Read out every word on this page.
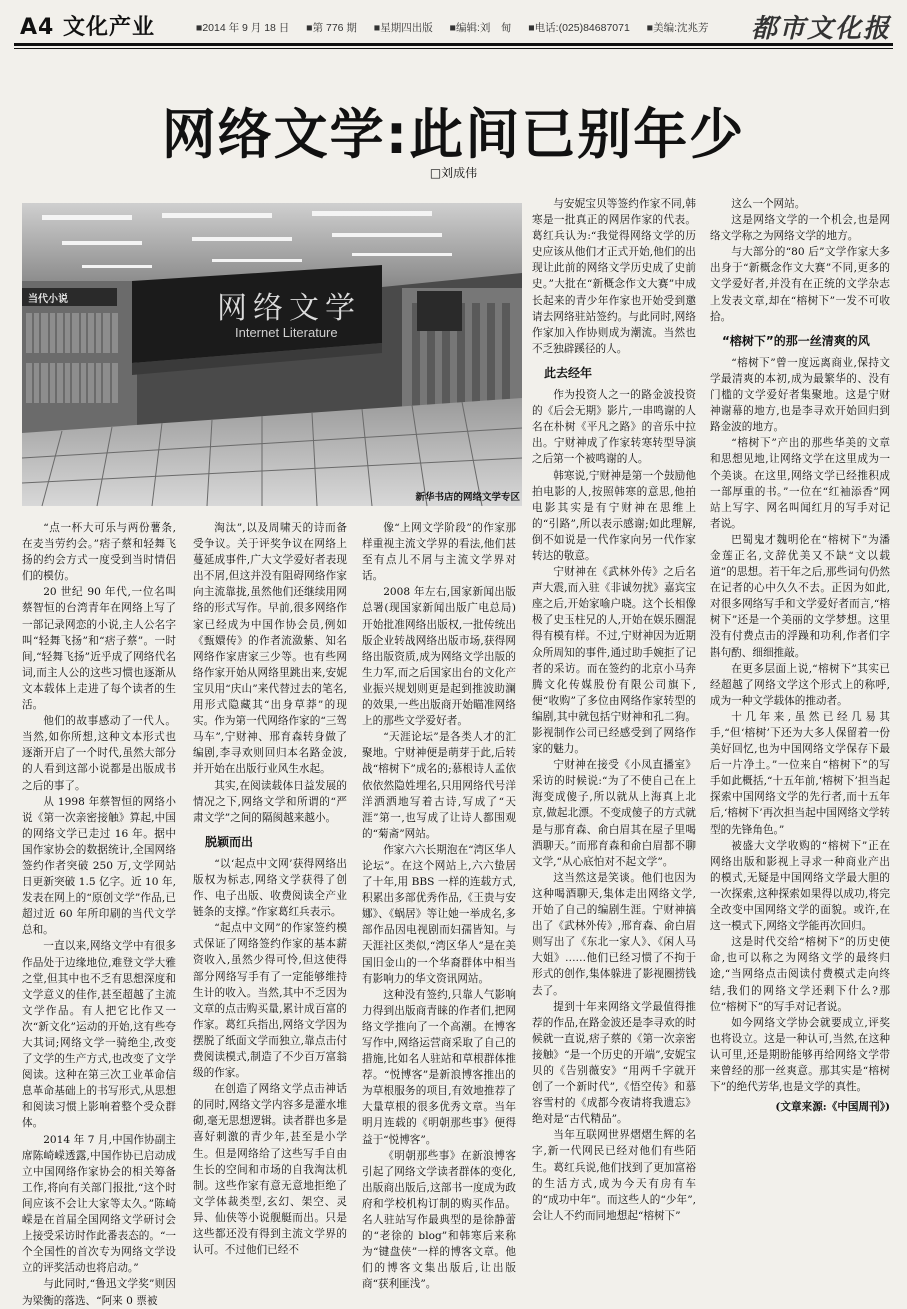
A4 文化产业	■2014 年 9 月 18 日 ■第 776 期 ■星期四出版 ■编辑:刘　甸 ■电话:(025)84687071 ■美编:沈兆芳	都市文化报
网络文学:此间已别年少
□刘成伟
当代小说	网络文学
Internet Literature
新华书店的网络文学专区

“点一杯大可乐与两份薯条,在麦当劳约会。”痞子蔡和轻舞飞扬的约会方式一度受到当时情侣们的模仿。

20 世纪 90 年代,一位名叫蔡智恒的台湾青年在网络上写了一部记录网恋的小说,主人公名字叫“轻舞飞扬”和“痞子蔡”。一时间,“轻舞飞扬”近乎成了网络代名词,而主人公的这些习惯也逐渐从文本载体上走进了每个读者的生活。

他们的故事感动了一代人。当然,如你所想,这种文本形式也逐渐开启了一个时代,虽然大部分的人看到这部小说都是出版成书之后的事了。

从 1998 年蔡智恒的网络小说《第一次亲密接触》算起,中国的网络文学已走过 16 年。据中国作家协会的数据统计,全国网络签约作者突破 250 万,文学网站日更新突破 1.5 亿字。近 10 年,发表在网上的“原创文学”作品,已超过近 60 年所印刷的当代文学总和。

一直以来,网络文学中有很多作品处于边缘地位,难登文学大雅之堂,但其中也不乏有思想深度和文学意义的佳作,甚至超越了主流文学作品。有人把它比作又一次“新文化”运动的开始,这有些夸大其词;网络文学一骑绝尘,改变了文学的生产方式,也改变了文学阅读。这种在第三次工业革命信息革命基础上的书写形式,从思想和阅读习惯上影响着整个受众群体。

2014 年 7 月,中国作协副主席陈崎嵘透露,中国作协已启动成立中国网络作家协会的相关筹备工作,将向有关部门报批,“这个时间应该不会让大家等太久。”陈崎嵘是在首届全国网络文学研讨会上接受采访时作此番表态的。“一个全国性的首次专为网络文学设立的评奖活动也将启动。”

与此同时,“鲁迅文学奖”则因为梁衡的落选、“阿来 0 票被

淘汰”,以及周啸天的诗而备受争议。关于评奖争议在网络上蔓延成事件,广大文学爱好者表现出不屑,但这并没有阻碍网络作家向主流靠拢,虽然他们还继续用网络的形式写作。早前,很多网络作家已经成为中国作协会员,例如《甄嬛传》的作者流潋紫、知名网络作家唐家三少等。也有些网络作家开始从网络里跳出来,安妮宝贝用“庆山”来代替过去的笔名,用形式隐藏其“出身草莽”的现实。作为第一代网络作家的“三驾马车”,宁财神、邢育森转身做了编剧,李寻欢则回归本名路金波,并开始在出版行业风生水起。

其实,在阅读载体日益发展的情况之下,网络文学和所谓的“严肃文学”之间的隔阂越来越小。

脱颖而出

“以‘起点中文网’获得网络出版权为标志,网络文学获得了创作、电子出版、收费阅读全产业链条的支撑。”作家葛红兵表示。

“起点中文网”的作家签约模式保证了网络签约作家的基本薪资收入,虽然少得可怜,但这使得部分网络写手有了一定能够维持生计的收入。当然,其中不乏因为文章的点击购买量,累计成百富的作家。葛红兵指出,网络文学因为摆脱了纸面文学而独立,靠点击付费阅读模式,制造了不少百万富翁级的作家。

在创造了网络文学点击神话的同时,网络文学内容多是灌水堆砌,毫无思想逻辑。读者群也多是喜好刺激的青少年,甚至是小学生。但是网络给了这些写手自由生长的空间和市场的自我淘汰机制。这些作家有意无意地拒绝了文学体裁类型,玄幻、架空、灵异、仙侠等小说舰艇而出。只是这些都还没有得到主流文学界的认可。不过他们已经不

像“上网文学阶段”的作家那样重视主流文学界的看法,他们甚至有点儿不屑与主流文学界对话。

2008 年左右,国家新闻出版总署(现国家新闻出版广电总局)开始批准网络出版权,一批传统出版企业转战网络出版市场,获得网络出版资质,成为网络文学出版的生力军,而之后国家出台的文化产业振兴规划则更是起到推波助澜的效果,一些出版商开始瞄准网络上的那些文学爱好者。

“天涯论坛”是各类人才的汇聚地。宁财神便是萌芽于此,后转战“榕树下”成名的;慕根诗人孟依依依然隐姓埋名,只用网络代号洋洋洒洒地写着古诗,写成了“天涯”第一,也写成了让诗人都围观的“菊斋”网站。

作家六六长期泡在“湾区华人论坛”。在这个网站上,六六蛰居了十年,用 BBS 一样的连载方式,积累出多部优秀作品,《王贵与安娜》、《蜗居》等让她一举成名,多部作品因电视剧而妇孺皆知。与天涯社区类似,“湾区华人”是在美国旧金山的一个华裔群体中相当有影响力的华文资讯网站。

这种没有签约,只靠人气影响力得到出版商青睐的作者们,把网络文学推向了一个高潮。在博客写作中,网络运营商采取了自己的措施,比如名人驻站和草根群体推荐。“悦博客”是新浪博客推出的为草根服务的项目,有效地推荐了大量草根的很多优秀文章。当年明月连载的《明朝那些事》便得益于“悦博客”。

《明朝那些事》在新浪博客引起了网络文学读者群体的变化,出版商出版后,这部书一度成为政府和学校机构订制的购买作品。名人驻站写作最典型的是徐静蕾的“老徐的 blog”和韩寒后来称为“键盘侠”一样的博客文章。他们的博客文集出版后,让出版商“获利匪浅”。

与安妮宝贝等签约作家不同,韩寒是一批真正的网居作家的代表。葛红兵认为:“我觉得网络文学的历史应该从他们才正式开始,他们的出现让此前的网络文学历史成了史前史。”大批在“新概念作文大赛”中成长起来的青少年作家也开始受到邀请去网络驻站签约。与此同时,网络作家加入作协则成为潮流。当然也不乏独辟蹊径的人。

此去经年

作为投资人之一的路金波投资的《后会无期》影片,一串鸣谢的人名在朴树《平凡之路》的音乐中拉出。宁财神成了作家转寒转型导演之后第一个被鸣谢的人。

韩寒说,宁财神是第一个鼓励他拍电影的人,按照韩寒的意思,他拍电影其实是有宁财神在思维上的“引路”,所以表示感谢;如此理解,倒不如说是一代作家向另一代作家转达的敬意。

宁财神在《武林外传》之后名声大震,而入驻《非诚勿扰》嘉宾宝座之后,开始家喻户晓。这个长相像极了史玉柱兄的人,开始在娱乐圈混得有模有样。不过,宁财神因为近期众所周知的事件,通过助手婉拒了记者的采访。而在签约的北京小马奔腾文化传媒股份有限公司旗下,便“收购”了多位由网络作家转型的编剧,其中就包括宁财神和孔二狗。影视制作公司已经感受到了网络作家的魅力。

宁财神在接受《小凤直播室》采访的时候说:“为了不使自己在上海变成傻子,所以就从上海真上北京,做起北漂。不变成傻子的方式就是与那育森、俞白眉其在屋子里喝酒聊天。”而邢育森和俞白眉都不聊文学,“从心底怕对不起文学”。

这当然这是笑谈。他们也因为这种喝酒聊天,集体走出网络文学,开始了自己的编剧生涯。宁财神搞出了《武林外传》,邢育森、俞白眉则写出了《东北一家人》、《闲人马大姐》……他们已经习惯了不拘于形式的创作,集体躲进了影视圈捞钱去了。

提到十年来网络文学最值得推荐的作品,在路金波还是李寻欢的时候就一直说,痞子蔡的《第一次亲密接触》“是一个历史的开端”,安妮宝贝的《告别薇安》“用两千字就开创了一个新时代”,《悟空传》和慕容雪村的《成都今夜请将我遗忘》绝对是“古代精品”。

当年互联网世界熠熠生辉的名字,新一代网民已经对他们有些陌生。葛红兵说,他们找到了更加富裕的生活方式,成为今天有房有车的“成功中年”。而这些人的“少年”,会让人不约而同地想起“榕树下”

这么一个网站。

这是网络文学的一个机会,也是网络文学称之为网络文学的地方。

与大部分的“80 后”文学作家大多出身于“新概念作文大赛”不同,更多的文学爱好者,并没有在正统的文学杂志上发表文章,却在“榕树下”一发不可收拾。

“榕树下”的那一丝清爽的风

“榕树下”曾一度远离商业,保持文学最清爽的本初,成为最繁华的、没有门槛的文学爱好者集聚地。这是宁财神谢幕的地方,也是李寻欢开始回归到路金波的地方。

“榕树下”产出的那些华美的文章和思想见地,让网络文学在这里成为一个美谈。在这里,网络文学已经推积成一部厚重的书。”一位在“红袖添香”网站上写字、网名叫闻红月的写手对记者说。

巴蜀鬼才魏明伦在“榕树下”为潘金莲正名,文辞优美又不缺“文以载道”的思想。若干年之后,那些词句仍然在记者的心中久久不去。正因为如此,对很多网络写手和文学爱好者而言,“榕树下”还是一个美丽的文学梦想。这里没有付费点击的浮躁和功利,作者们字斟句酌、细细推敲。

在更多层面上说,“榕树下”其实已经超越了网络文学这个形式上的称呼,成为一种文学载体的推动者。

十几年来,虽然已经几易其手,“但‘榕树’下还为大多人保留着一份美好回忆,也为中国网络文学保存下最后一片净土。”一位来自“榕树下”的写手如此概括,“十五年前,‘榕树下’担当起探索中国网络文学的先行者,而十五年后,‘榕树下’再次担当起中国网络文学转型的先锋角色。”

被盛大文学收购的“榕树下”正在网络出版和影视上寻求一种商业产出的模式,无疑是中国网络文学最大胆的一次探索,这种探索如果得以成功,将完全改变中国网络文学的面貌。或许,在这一模式下,网络文学能再次回归。

这是时代交给“榕树下”的历史使命,也可以称之为网络文学的最终归途,“当网络点击阅读付费模式走向终结,我们的网络文学还剩下什么?那位“榕树下”的写手对记者说。

如今网络文学协会就要成立,评奖也将设立。这是一种认可,当然,在这种认可里,还是期盼能够再给网络文学带来曾经的那一丝爽意。那其实是“榕树下”的绝代芳华,也是文学的真性。

(文章来源:《中国周刊》)
